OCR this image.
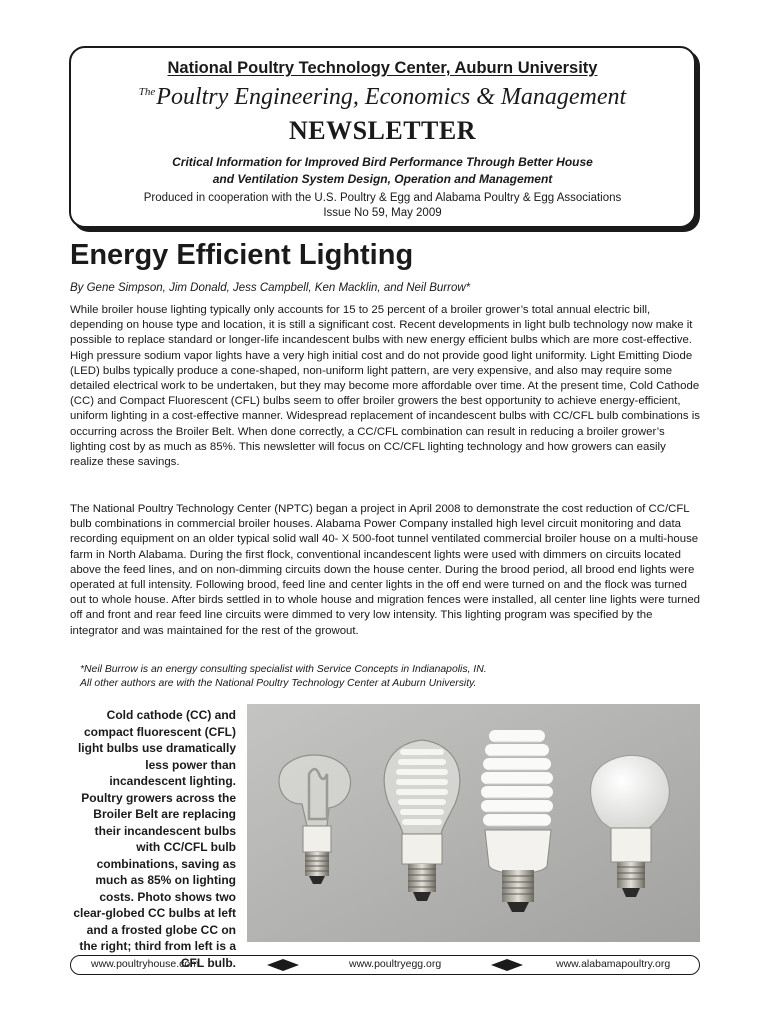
National Poultry Technology Center, Auburn University
$^{The}$Poultry Engineering, Economics & Management
NEWSLETTER
Critical Information for Improved Bird Performance Through Better House
and Ventilation System Design, Operation and Management
Produced in cooperation with the U.S. Poultry & Egg and Alabama Poultry & Egg Associations
Issue No 59, May 2009
Energy Efficient Lighting
By Gene Simpson, Jim Donald, Jess Campbell, Ken Macklin, and Neil Burrow*

While broiler house lighting typically only accounts for 15 to 25 percent of a broiler grower’s total annual electric bill, depending on house type and location, it is still a significant cost. Recent developments in light bulb technology now make it possible to replace standard or longer-life incandescent bulbs with new energy efficient bulbs which are more cost-effective. High pressure sodium vapor lights have a very high initial cost and do not provide good light uniformity. Light Emitting Diode (LED) bulbs typically produce a cone-shaped, non-uniform light pattern, are very expensive, and also may require some detailed electrical work to be undertaken, but they may become more affordable over time. At the present time, Cold Cathode (CC) and Compact Fluorescent (CFL) bulbs seem to offer broiler growers the best opportunity to achieve energy-efficient, uniform lighting in a cost-effective manner. Widespread replacement of incandescent bulbs with CC/CFL bulb combinations is occurring across the Broiler Belt. When done correctly, a CC/CFL combination can result in reducing a broiler grower’s lighting cost by as much as 85%. This newsletter will focus on CC/CFL lighting technology and how growers can easily realize these savings.

The National Poultry Technology Center (NPTC) began a project in April 2008 to demonstrate the cost reduction of CC/CFL bulb combinations in commercial broiler houses. Alabama Power Company installed high level circuit monitoring and data recording equipment on an older typical solid wall 40- X 500-foot tunnel ventilated commercial broiler house on a multi-house farm in North Alabama. During the first flock, conventional incandescent lights were used with dimmers on circuits located above the feed lines, and on non-dimming circuits down the house center. During the brood period, all brood end lights were operated at full intensity. Following brood, feed line and center lights in the off end were turned on and the flock was turned out to whole house. After birds settled in to whole house and migration fences were installed, all center line lights were turned off and front and rear feed line circuits were dimmed to very low intensity. This lighting program was specified by the integrator and was maintained for the rest of the growout.

*Neil Burrow is an energy consulting specialist with Service Concepts in Indianapolis, IN.
All other authors are with the National Poultry Technology Center at Auburn University.
Cold cathode (CC) and compact fluorescent (CFL) light bulbs use dramatically less power than incandescent lighting. Poultry growers across the Broiler Belt are replacing their incandescent bulbs with CC/CFL bulb combinations, saving as much as 85% on lighting costs. Photo shows two clear-globed CC bulbs at left and a frosted globe CC on the right; third from left is a CFL bulb.
www.poultryhouse.com	www.poultryegg.org	www.alabamapoultry.org
